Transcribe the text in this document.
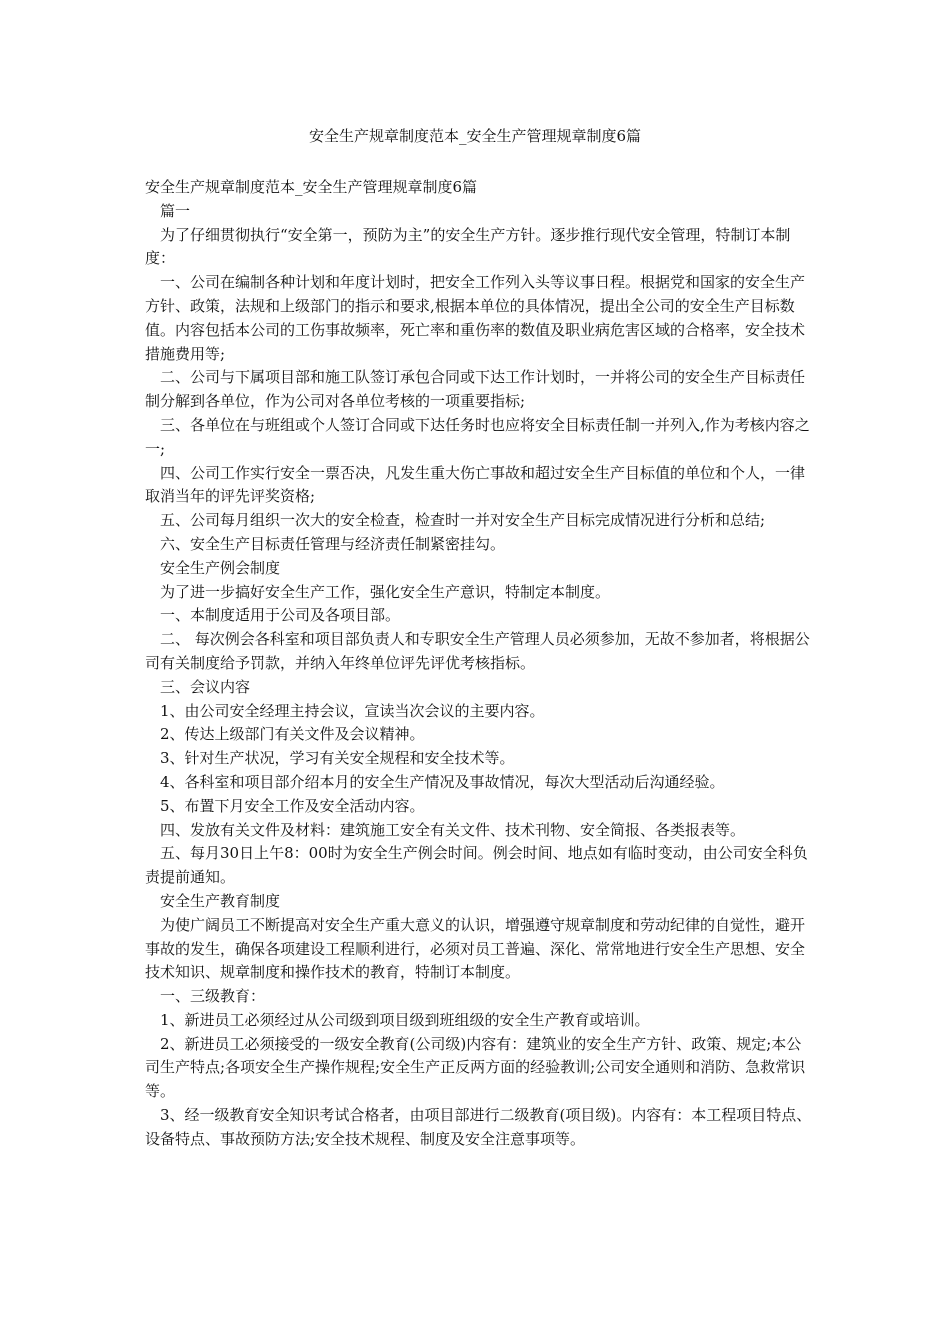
安全生产规章制度范本_安全生产管理规章制度6篇

安全生产规章制度范本_安全生产管理规章制度6篇

篇一

为了仔细贯彻执行“安全第一，预防为主”的安全生产方针。逐步推行现代安全管理，特制订本制度：

一、公司在编制各种计划和年度计划时，把安全工作列入头等议事日程。根据党和国家的安全生产方针、政策，法规和上级部门的指示和要求,根据本单位的具体情况，提出全公司的安全生产目标数值。内容包括本公司的工伤事故频率，死亡率和重伤率的数值及职业病危害区域的合格率，安全技术措施费用等;

二、公司与下属项目部和施工队签订承包合同或下达工作计划时，一并将公司的安全生产目标责任制分解到各单位，作为公司对各单位考核的一项重要指标;

三、各单位在与班组或个人签订合同或下达任务时也应将安全目标责任制一并列入,作为考核内容之一;

四、公司工作实行安全一票否决，凡发生重大伤亡事故和超过安全生产目标值的单位和个人，一律取消当年的评先评奖资格;

五、公司每月组织一次大的安全检查，检查时一并对安全生产目标完成情况进行分析和总结;

六、安全生产目标责任管理与经济责任制紧密挂勾。

安全生产例会制度

为了进一步搞好安全生产工作，强化安全生产意识，特制定本制度。

一、本制度适用于公司及各项目部。

二、 每次例会各科室和项目部负责人和专职安全生产管理人员必须参加，无故不参加者，将根据公司有关制度给予罚款，并纳入年终单位评先评优考核指标。

三、会议内容

1、由公司安全经理主持会议，宣读当次会议的主要内容。

2、传达上级部门有关文件及会议精神。

3、针对生产状况，学习有关安全规程和安全技术等。

4、各科室和项目部介绍本月的安全生产情况及事故情况，每次大型活动后沟通经验。

5、布置下月安全工作及安全活动内容。

四、发放有关文件及材料：建筑施工安全有关文件、技术刊物、安全简报、各类报表等。

五、每月30日上午8：00时为安全生产例会时间。例会时间、地点如有临时变动，由公司安全科负责提前通知。

安全生产教育制度

为使广阔员工不断提高对安全生产重大意义的认识，增强遵守规章制度和劳动纪律的自觉性，避开事故的发生，确保各项建设工程顺利进行，必须对员工普遍、深化、常常地进行安全生产思想、安全技术知识、规章制度和操作技术的教育，特制订本制度。

一、三级教育：

1、新进员工必须经过从公司级到项目级到班组级的安全生产教育或培训。

2、新进员工必须接受的一级安全教育(公司级)内容有：建筑业的安全生产方针、政策、规定;本公司生产特点;各项安全生产操作规程;安全生产正反两方面的经验教训;公司安全通则和消防、急救常识等。

3、经一级教育安全知识考试合格者，由项目部进行二级教育(项目级)。内容有：本工程项目特点、设备特点、事故预防方法;安全技术规程、制度及安全注意事项等。
